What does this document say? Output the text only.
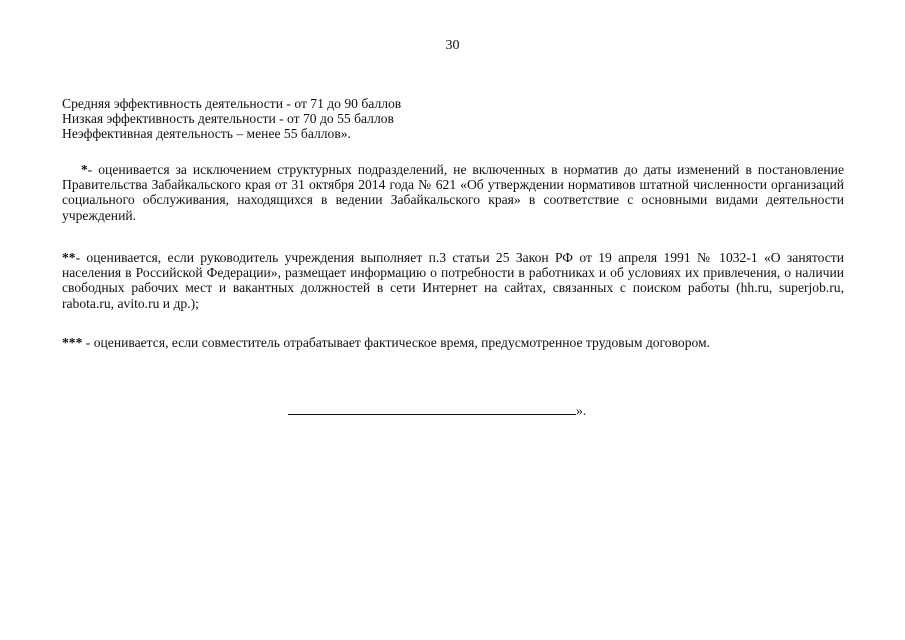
30
Средняя эффективность деятельности - от 71 до 90 баллов
Низкая эффективность деятельности - от 70 до 55 баллов
Неэффективная деятельность – менее 55 баллов».
*- оценивается за исключением структурных подразделений, не включенных в норматив до даты изменений в постановление Правительства Забайкальского края от 31 октября 2014 года № 621 «Об утверждении нормативов штатной численности организаций социального обслуживания, находящихся в ведении Забайкальского края» в соответствие с основными видами деятельности учреждений.
**- оценивается, если руководитель учреждения выполняет п.3 статьи 25 Закон РФ от 19 апреля 1991 № 1032-1 «О занятости населения в Российской Федерации», размещает информацию о потребности в работниках и об условиях их привлечения, о наличии свободных рабочих мест и вакантных должностей в сети Интернет на сайтах, связанных с поиском работы (hh.ru, superjob.ru, rabota.ru, avito.ru и др.);
*** - оценивается, если совместитель отрабатывает фактическое время, предусмотренное трудовым договором.
».
